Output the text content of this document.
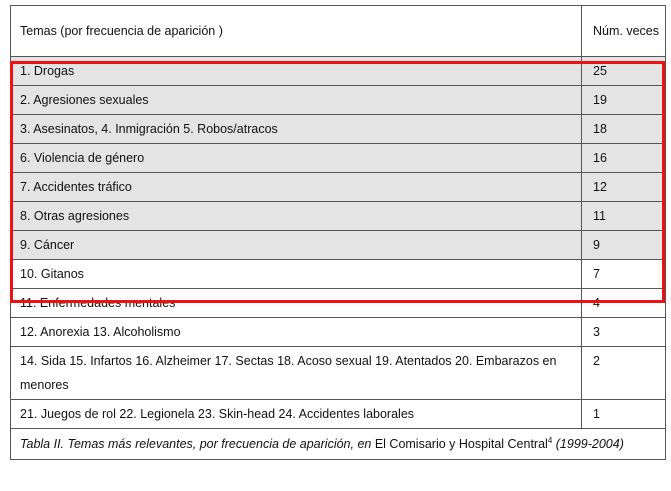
Temas (por frecuencia de aparición )	Núm. veces
1. Drogas	25
2. Agresiones sexuales	19
3. Asesinatos, 4. Inmigración 5. Robos/atracos	18
6. Violencia de género	16
7. Accidentes tráfico	12
8. Otras agresiones	11
9. Cáncer	9
10. Gitanos	7
11. Enfermedades mentales	4
12. Anorexia 13. Alcoholismo	3
14. Sida 15. Infartos 16. Alzheimer 17. Sectas 18. Acoso sexual 19. Atentados 20. Embarazos en menores	2
21. Juegos de rol 22. Legionela 23. Skin-head 24. Accidentes laborales	1
Tabla II. Temas más relevantes, por frecuencia de aparición, en El Comisario y Hospital Central$^4$ (1999-2004)	
